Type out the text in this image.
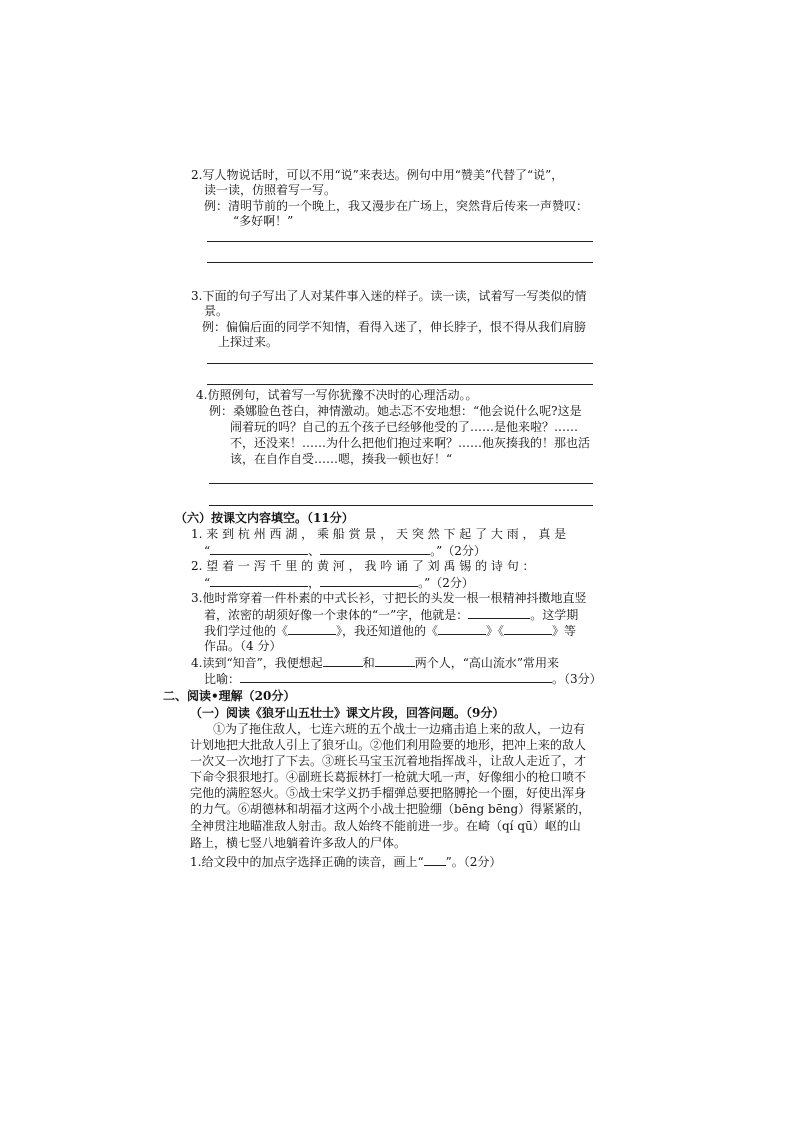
2.写人物说话时，可以不用“说”来表达。例句中用“赞美”代替了“说”，
读一读，仿照着写一写。
例：清明节前的一个晚上，我又漫步在广场上，突然背后传来一声赞叹：
“多好啊！”
3.下面的句子写出了人对某件事入迷的样子。读一读，试着写一写类似的情
景。
例：偏偏后面的同学不知情，看得入迷了，伸长脖子，恨不得从我们肩膀
上探过来。
4.仿照例句，试着写一写你犹豫不决时的心理活动。。
例：桑娜脸色苍白，神情激动。她忐忑不安地想：“他会说什么呢?这是
闹着玩的吗？自己的五个孩子已经够他受的了……是他来啦？……
不，还没来！……为什么把他们抱过来啊？……他灰揍我的！那也活
该，在自作自受……嗯，揍我一顿也好！“
（六）按课文内容填空。（11分）
1. 来 到 杭 州 西 湖 ， 乘 船 赏 景 ， 天 突 然 下 起 了 大 雨 ， 真 是
“	、	。”（2分）
2. 望 着 一 泻 千 里 的 黄 河 ， 我 吟 诵 了 刘 禹 锡 的 诗 句 ：
“	，	。”（2分）
3.他时常穿着一件朴素的中式长衫，寸把长的头发一根一根精神抖擞地直竖
着，浓密的胡须好像一个隶体的“一”字，他就是：	。这学期
我们学过他的《	》，我还知道他的《	》《	》等
作品。（4 分）
4.读到“知音”，我便想起	和	两个人，“高山流水”常用来
比喻：	。（3分）
二、阅读•理解（20分）
（一）阅读《狼牙山五壮士》课文片段，回答问题。（9分）
①为了拖住敌人，七连六班的五个战士一边痛击追上来的敌人，一边有
计划地把大批敌人引上了狼牙山。②他们利用险要的地形，把冲上来的敌人
一次又一次地打了下去。③班长马宝玉沉着地指挥战斗，让敌人走近了，才
下命令狠狠地打。④副班长葛振林打一枪就大吼一声，好像细小的枪口喷不
完他的满腔怒火。⑤战士宋学义扔手榴弹总要把胳膊抡一个圈，好使出浑身
的力气。⑥胡德林和胡福才这两个小战士把脸绷（bēng bēng）得紧紧的，
全神贯注地瞄准敌人射击。敌人始终不能前进一步。在崎（qí qū）岖的山
路上，横七竖八地躺着许多敌人的尸体。
1.给文段中的加点字选择正确的读音，画上“ ”。（2分）
